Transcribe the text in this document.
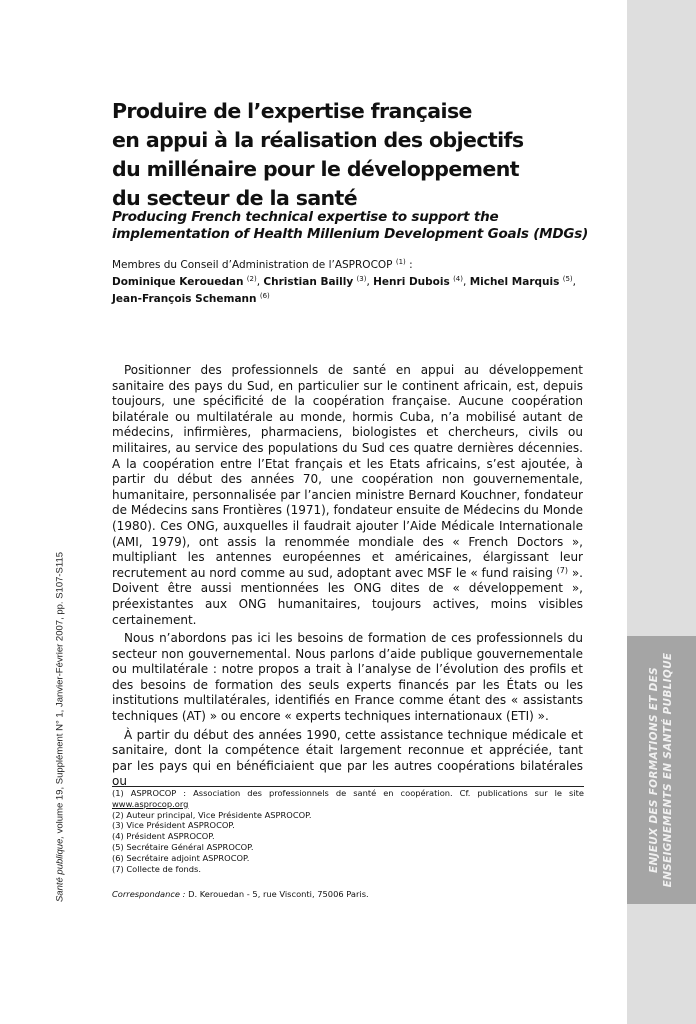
ENJEUX DES FORMATIONS ET DES ENSEIGNEMENTS EN SANTÉ PUBLIQUE
Santé publique, volume 19, Supplément N° 1, Janvier-Février 2007, pp. S107-S115
Produire de l’expertise française
en appui à la réalisation des objectifs
du millénaire pour le développement
du secteur de la santé
Producing French technical expertise to support the
implementation of Health Millenium Development Goals (MDGs)
Membres du Conseil d’Administration de l’ASPROCOP $^{(1)}$ :
Dominique Kerouedan $^{(2)}$, Christian Bailly $^{(3)}$, Henri Dubois $^{(4)}$, Michel Marquis $^{(5)}$,
Jean-François Schemann $^{(6)}$

Positionner des professionnels de santé en appui au développement sanitaire des pays du Sud, en particulier sur le continent africain, est, depuis toujours, une spécificité de la coopération française. Aucune coopération bilatérale ou multilatérale au monde, hormis Cuba, n’a mobilisé autant de médecins, infirmières, pharmaciens, biologistes et chercheurs, civils ou militaires, au service des populations du Sud ces quatre dernières décennies. A la coopération entre l’Etat français et les Etats africains, s’est ajoutée, à partir du début des années 70, une coopération non gouvernementale, humanitaire, personnalisée par l’ancien ministre Bernard Kouchner, fondateur de Médecins sans Frontières (1971), fondateur ensuite de Médecins du Monde (1980). Ces ONG, auxquelles il faudrait ajouter l’Aide Médicale Internationale (AMI, 1979), ont assis la renommée mondiale des « French Doctors », multipliant les antennes européennes et américaines, élargissant leur recrutement au nord comme au sud, adoptant avec MSF le « fund raising $^{(7)}$ ». Doivent être aussi mentionnées les ONG dites de « développement », préexistantes aux ONG humanitaires, toujours actives, moins visibles certainement.

Nous n’abordons pas ici les besoins de formation de ces professionnels du secteur non gouvernemental. Nous parlons d’aide publique gouvernementale ou multilatérale : notre propos a trait à l’analyse de l’évolution des profils et des besoins de formation des seuls experts financés par les États ou les institutions multilatérales, identifiés en France comme étant des « assistants techniques (AT) » ou encore « experts techniques internationaux (ETI) ».

À partir du début des années 1990, cette assistance technique médicale et sanitaire, dont la compétence était largement reconnue et appréciée, tant par les pays qui en bénéficiaient que par les autres coopérations bilatérales ou

(1) ASPROCOP : Association des professionnels de santé en coopération. Cf. publications sur le site www.asprocop.org
(2) Auteur principal, Vice Présidente ASPROCOP.
(3) Vice Président ASPROCOP.
(4) Président ASPROCOP.
(5) Secrétaire Général ASPROCOP.
(6) Secrétaire adjoint ASPROCOP.
(7) Collecte de fonds.
Correspondance : D. Kerouedan - 5, rue Visconti, 75006 Paris.
